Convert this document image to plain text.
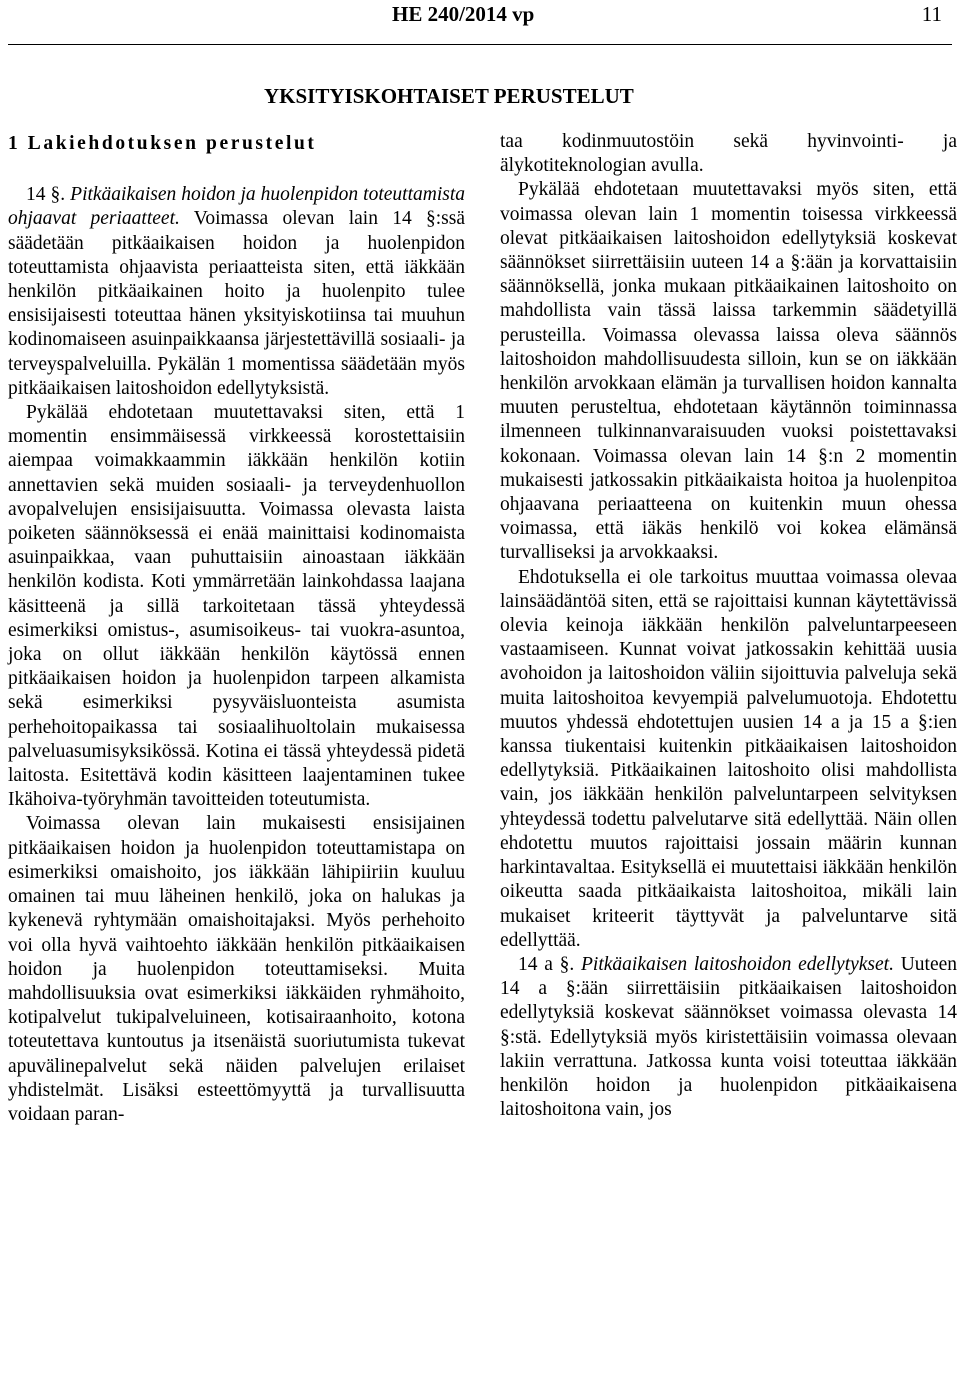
HE 240/2014 vp	11
YKSITYISKOHTAISET PERUSTELUT

1 Lakiehdotuksen perustelut

14 §. Pitkäaikaisen hoidon ja huolenpidon toteuttamista ohjaavat periaatteet. Voimassa olevan lain 14 §:ssä säädetään pitkäaikaisen hoidon ja huolenpidon toteuttamista ohjaavista periaatteista siten, että iäkkään henkilön pitkäaikainen hoito ja huolenpito tulee ensisijaisesti toteuttaa hänen yksityiskotiinsa tai muuhun kodinomaiseen asuinpaikkaansa järjestettävillä sosiaali- ja terveyspalveluilla. Pykälän 1 momentissa säädetään myös pitkäaikaisen laitoshoidon edellytyksistä.

Pykälää ehdotetaan muutettavaksi siten, että 1 momentin ensimmäisessä virkkeessä korostettaisiin aiempaa voimakkaammin iäkkään henkilön kotiin annettavien sekä muiden sosiaali- ja terveydenhuollon avopalvelujen ensisijaisuutta. Voimassa olevasta laista poiketen säännöksessä ei enää mainittaisi kodinomaista asuinpaikkaa, vaan puhuttaisiin ainoastaan iäkkään henkilön kodista. Koti ymmärretään lainkohdassa laajana käsitteenä ja sillä tarkoitetaan tässä yhteydessä esimerkiksi omistus-, asumisoikeus- tai vuokra-asuntoa, joka on ollut iäkkään henkilön käytössä ennen pitkäaikaisen hoidon ja huolenpidon tarpeen alkamista sekä esimerkiksi pysyväisluonteista asumista perhehoitopaikassa tai sosiaalihuoltolain mukaisessa palveluasumisyksikössä. Kotina ei tässä yhteydessä pidetä laitosta. Esitettävä kodin käsitteen laajentaminen tukee Ikähoiva-työryhmän tavoitteiden toteutumista.

Voimassa olevan lain mukaisesti ensisijainen pitkäaikaisen hoidon ja huolenpidon toteuttamistapa on esimerkiksi omaishoito, jos iäkkään lähipiiriin kuuluu omainen tai muu läheinen henkilö, joka on halukas ja kykenevä ryhtymään omaishoitajaksi. Myös perhehoito voi olla hyvä vaihtoehto iäkkään henkilön pitkäaikaisen hoidon ja huolenpidon toteuttamiseksi. Muita mahdollisuuksia ovat esimerkiksi iäkkäiden ryhmähoito, kotipalvelut tukipalveluineen, kotisairaanhoito, kotona toteutettava kuntoutus ja itsenäistä suoriutumista tukevat apuvälinepalvelut sekä näiden palvelujen erilaiset yhdistelmät. Lisäksi esteettömyyttä ja turvallisuutta voidaan paran-

taa kodinmuutostöin sekä hyvinvointi- ja älykotiteknologian avulla.

Pykälää ehdotetaan muutettavaksi myös siten, että voimassa olevan lain 1 momentin toisessa virkkeessä olevat pitkäaikaisen laitoshoidon edellytyksiä koskevat säännökset siirrettäisiin uuteen 14 a §:ään ja korvattaisiin säännöksellä, jonka mukaan pitkäaikainen laitoshoito on mahdollista vain tässä laissa tarkemmin säädetyillä perusteilla. Voimassa olevassa laissa oleva säännös laitoshoidon mahdollisuudesta silloin, kun se on iäkkään henkilön arvokkaan elämän ja turvallisen hoidon kannalta muuten perusteltua, ehdotetaan käytännön toiminnassa ilmenneen tulkinnanvaraisuuden vuoksi poistettavaksi kokonaan. Voimassa olevan lain 14 §:n 2 momentin mukaisesti jatkossakin pitkäaikaista hoitoa ja huolenpitoa ohjaavana periaatteena on kuitenkin muun ohessa voimassa, että iäkäs henkilö voi kokea elämänsä turvalliseksi ja arvokkaaksi.

Ehdotuksella ei ole tarkoitus muuttaa voimassa olevaa lainsäädäntöä siten, että se rajoittaisi kunnan käytettävissä olevia keinoja iäkkään henkilön palveluntarpeeseen vastaamiseen. Kunnat voivat jatkossakin kehittää uusia avohoidon ja laitoshoidon väliin sijoittuvia palveluja sekä muita laitoshoitoa kevyempiä palvelumuotoja. Ehdotettu muutos yhdessä ehdotettujen uusien 14 a ja 15 a §:ien kanssa tiukentaisi kuitenkin pitkäaikaisen laitoshoidon edellytyksiä. Pitkäaikainen laitoshoito olisi mahdollista vain, jos iäkkään henkilön palveluntarpeen selvityksen yhteydessä todettu palvelutarve sitä edellyttää. Näin ollen ehdotettu muutos rajoittaisi jossain määrin kunnan harkintavaltaa. Esityksellä ei muutettaisi iäkkään henkilön oikeutta saada pitkäaikaista laitoshoitoa, mikäli lain mukaiset kriteerit täyttyvät ja palveluntarve sitä edellyttää.

14 a §. Pitkäaikaisen laitoshoidon edellytykset. Uuteen 14 a §:ään siirrettäisiin pitkäaikaisen laitoshoidon edellytyksiä koskevat säännökset voimassa olevasta 14 §:stä. Edellytyksiä myös kiristettäisiin voimassa olevaan lakiin verrattuna. Jatkossa kunta voisi toteuttaa iäkkään henkilön hoidon ja huolenpidon pitkäaikaisena laitoshoitona vain, jos
